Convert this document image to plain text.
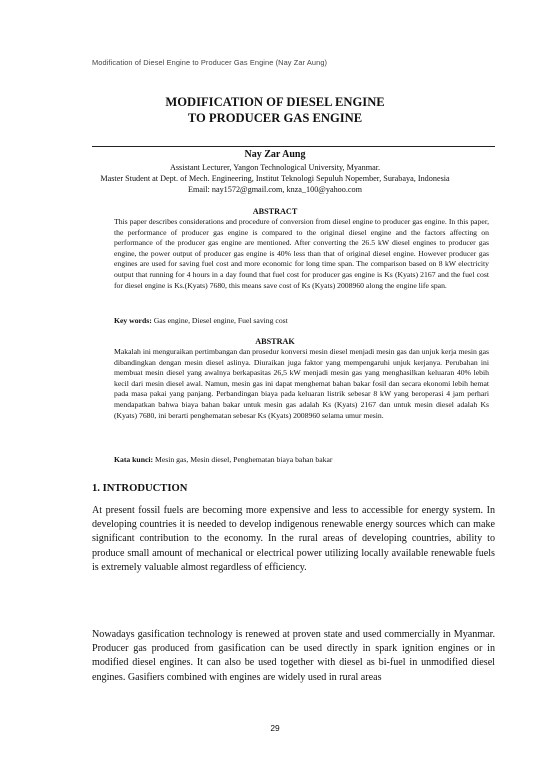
Modification of Diesel Engine to Producer Gas Engine (Nay Zar Aung)
MODIFICATION OF DIESEL ENGINE
TO PRODUCER GAS ENGINE
Nay Zar Aung
Assistant Lecturer, Yangon Technological University, Myanmar.
Master Student at Dept. of Mech. Engineering, Institut Teknologi Sepuluh Nopember, Surabaya, Indonesia
Email: nay1572@gmail.com, knza_100@yahoo.com
ABSTRACT
This paper describes considerations and procedure of conversion from diesel engine to producer gas engine. In this paper, the performance of producer gas engine is compared to the original diesel engine and the factors affecting on performance of the producer gas engine are mentioned. After converting the 26.5 kW diesel engines to producer gas engine, the power output of producer gas engine is 40% less than that of original diesel engine. However producer gas engines are used for saving fuel cost and more economic for long time span. The comparison based on 8 kW electricity output that running for 4 hours in a day found that fuel cost for producer gas engine is Ks (Kyats) 2167 and the fuel cost for diesel engine is Ks.(Kyats) 7680, this means save cost of Ks (Kyats) 2008960 along the engine life span.
Key words: Gas engine, Diesel engine, Fuel saving cost
ABSTRAK
Makalah ini menguraikan pertimbangan dan prosedur konversi mesin diesel menjadi mesin gas dan unjuk kerja mesin gas dibandingkan dengan mesin diesel aslinya. Diuraikan juga faktor yang mempengaruhi unjuk kerjanya. Perubahan ini membuat mesin diesel yang awalnya berkapasitas 26,5 kW menjadi mesin gas yang menghasilkan keluaran 40% lebih kecil dari mesin diesel awal. Namun, mesin gas ini dapat menghemat bahan bakar fosil dan secara ekonomi lebih hemat pada masa pakai yang panjang. Perbandingan biaya pada keluaran listrik sebesar 8 kW yang beroperasi 4 jam perhari mendapatkan bahwa biaya bahan bakar untuk mesin gas adalah Ks (Kyats) 2167 dan untuk mesin diesel adalah Ks (Kyats) 7680, ini berarti penghematan sebesar Ks (Kyats) 2008960 selama umur mesin.
Kata kunci: Mesin gas, Mesin diesel, Penghematan biaya bahan bakar
1. INTRODUCTION
At present fossil fuels are becoming more expensive and less to accessible for energy system. In developing countries it is needed to develop indigenous renewable energy sources which can make significant contribution to the economy. In the rural areas of developing countries, ability to produce small amount of mechanical or electrical power utilizing locally available renewable fuels is extremely valuable almost regardless of efficiency.
Nowadays gasification technology is renewed at proven state and used commercially in Myanmar. Producer gas produced from gasification can be used directly in spark ignition engines or in modified diesel engines. It can also be used together with diesel as bi-fuel in unmodified diesel engines. Gasifiers combined with engines are widely used in rural areas
29
